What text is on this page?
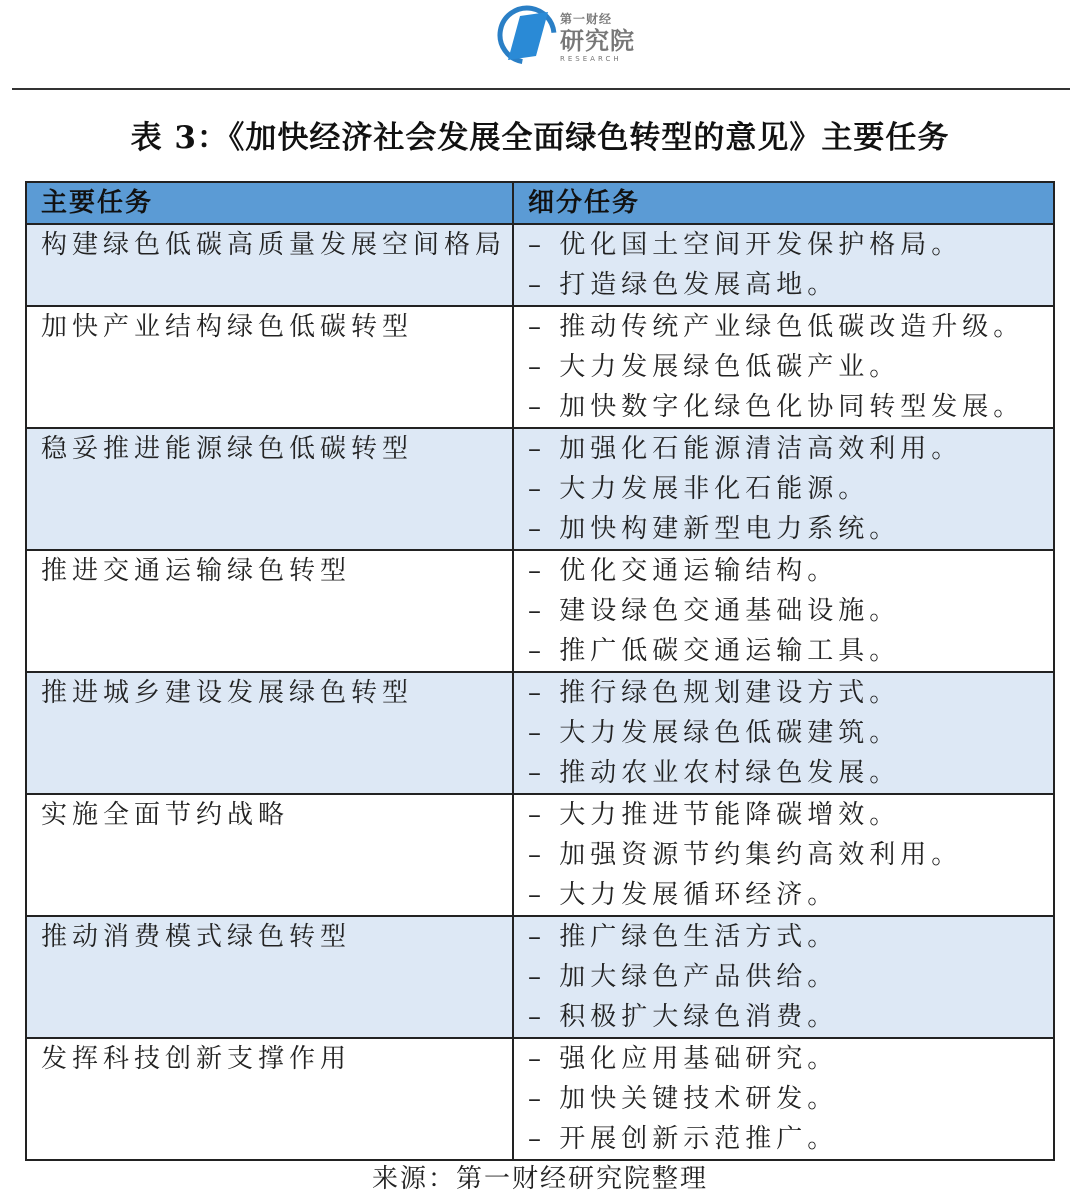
第一财经
研究院
RESEARCH
表 3：《加快经济社会发展全面绿色转型的意见》主要任务
主要任务	细分任务
构建绿色低碳高质量发展空间格局	– 优化国土空间开发保护格局。
– 打造绿色发展高地。

加快产业结构绿色低碳转型	– 推动传统产业绿色低碳改造升级。
– 大力发展绿色低碳产业。
– 加快数字化绿色化协同转型发展。

稳妥推进能源绿色低碳转型	– 加强化石能源清洁高效利用。
– 大力发展非化石能源。
– 加快构建新型电力系统。

推进交通运输绿色转型	– 优化交通运输结构。
– 建设绿色交通基础设施。
– 推广低碳交通运输工具。

推进城乡建设发展绿色转型	– 推行绿色规划建设方式。
– 大力发展绿色低碳建筑。
– 推动农业农村绿色发展。

实施全面节约战略	– 大力推进节能降碳增效。
– 加强资源节约集约高效利用。
– 大力发展循环经济。

推动消费模式绿色转型	– 推广绿色生活方式。
– 加大绿色产品供给。
– 积极扩大绿色消费。

发挥科技创新支撑作用	– 强化应用基础研究。
– 加快关键技术研发。
– 开展创新示范推广。
来源：第一财经研究院整理
